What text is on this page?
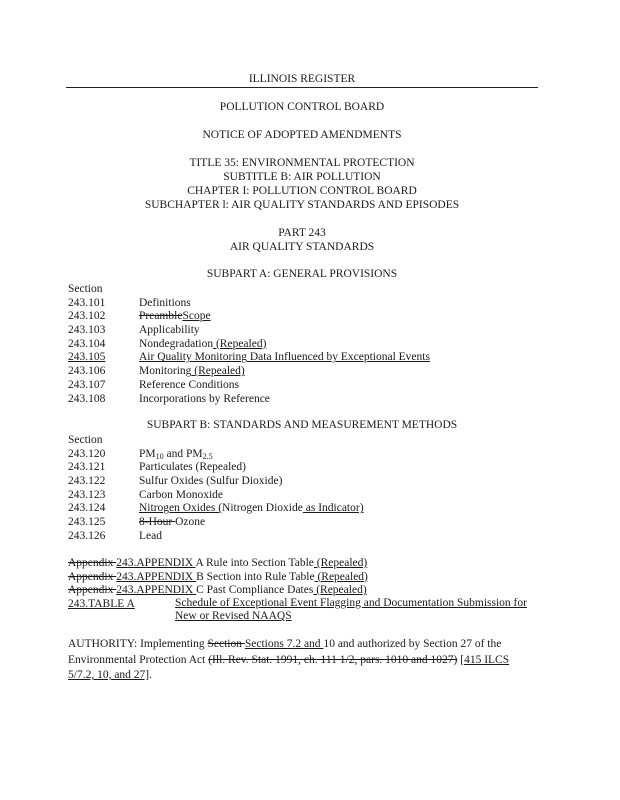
ILLINOIS REGISTER
POLLUTION CONTROL BOARD
NOTICE OF ADOPTED AMENDMENTS
TITLE 35: ENVIRONMENTAL PROTECTION
SUBTITLE B: AIR POLLUTION
CHAPTER I: POLLUTION CONTROL BOARD
SUBCHAPTER l: AIR QUALITY STANDARDS AND EPISODES
PART 243
AIR QUALITY STANDARDS
SUBPART A: GENERAL PROVISIONS
Section
243.101	Definitions
243.102	PreambleScope
243.103	Applicability
243.104	Nondegradation (Repealed)
243.105	Air Quality Monitoring Data Influenced by Exceptional Events
243.106	Monitoring (Repealed)
243.107	Reference Conditions
243.108	Incorporations by Reference
SUBPART B: STANDARDS AND MEASUREMENT METHODS
Section
243.120	$PM_{10}$ and $PM_{2.5}$
243.121	Particulates (Repealed)
243.122	Sulfur Oxides (Sulfur Dioxide)
243.123	Carbon Monoxide
243.124	Nitrogen Oxides (Nitrogen Dioxide as Indicator)
243.125	8-Hour Ozone
243.126	Lead
Appendix 243.APPENDIX A Rule into Section Table (Repealed)
Appendix 243.APPENDIX B Section into Rule Table (Repealed)
Appendix 243.APPENDIX C Past Compliance Dates (Repealed)
243.TABLE A	Schedule of Exceptional Event Flagging and Documentation Submission for New or Revised NAAQS
AUTHORITY: Implementing Section Sections 7.2 and 10 and authorized by Section 27 of the Environmental Protection Act (Ill. Rev. Stat. 1991, ch. 111 1/2, pars. 1010 and 1027) [415 ILCS 5/7.2, 10, and 27].
